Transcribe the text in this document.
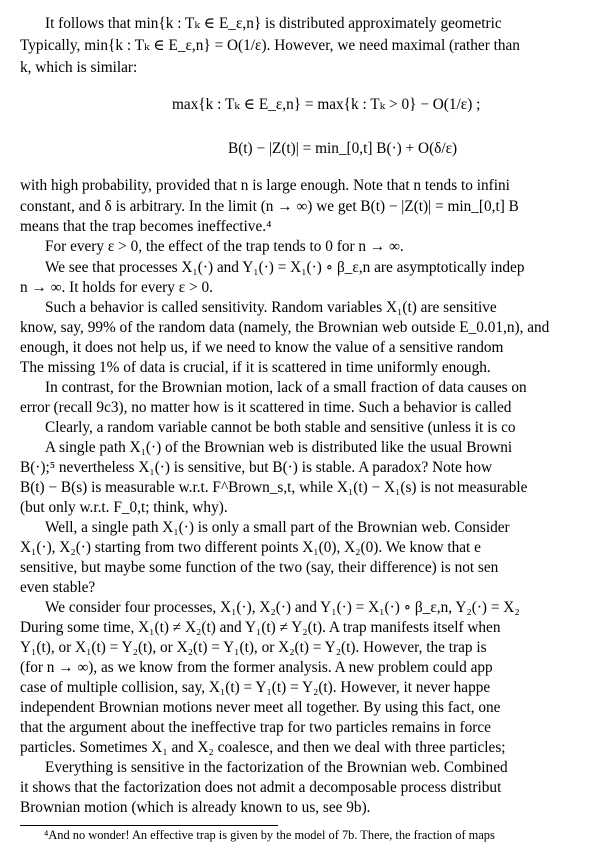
It follows that min{k : Tₖ ∈ E_ε,n} is distributed approximately geometric
Typically, min{k : Tₖ ∈ E_ε,n} = O(1/ε). However, we need maximal (rather than
k, which is similar:
max{k : Tₖ ∈ E_ε,n} = max{k : Tₖ > 0} − O(1/ε) ;
B(t) − |Z(t)| = min_[0,t] B(·) + O(δ/ε)
with high probability, provided that n is large enough. Note that n tends to infini
constant, and δ is arbitrary. In the limit (n → ∞) we get B(t) − |Z(t)| = min_[0,t] B
means that the trap becomes ineffective.⁴
For every ε > 0, the effect of the trap tends to 0 for n → ∞.
We see that processes X₁(·) and Y₁(·) = X₁(·) ∘ β_ε,n are asymptotically indep
n → ∞. It holds for every ε > 0.
Such a behavior is called sensitivity. Random variables X₁(t) are sensitive
know, say, 99% of the random data (namely, the Brownian web outside E_0.01,n), and
enough, it does not help us, if we need to know the value of a sensitive random
The missing 1% of data is crucial, if it is scattered in time uniformly enough.
In contrast, for the Brownian motion, lack of a small fraction of data causes on
error (recall 9c3), no matter how is it scattered in time. Such a behavior is called
Clearly, a random variable cannot be both stable and sensitive (unless it is co
A single path X₁(·) of the Brownian web is distributed like the usual Browni
B(·);⁵ nevertheless X₁(·) is sensitive, but B(·) is stable. A paradox? Note how
B(t) − B(s) is measurable w.r.t. F^Brown_s,t, while X₁(t) − X₁(s) is not measurable
(but only w.r.t. F_0,t; think, why).
Well, a single path X₁(·) is only a small part of the Brownian web. Consider
X₁(·), X₂(·) starting from two different points X₁(0), X₂(0). We know that e
sensitive, but maybe some function of the two (say, their difference) is not sen
even stable?
We consider four processes, X₁(·), X₂(·) and Y₁(·) = X₁(·) ∘ β_ε,n, Y₂(·) = X₂
During some time, X₁(t) ≠ X₂(t) and Y₁(t) ≠ Y₂(t). A trap manifests itself when
Y₁(t), or X₁(t) = Y₂(t), or X₂(t) = Y₁(t), or X₂(t) = Y₂(t). However, the trap is
(for n → ∞), as we know from the former analysis. A new problem could app
case of multiple collision, say, X₁(t) = Y₁(t) = Y₂(t). However, it never happe
independent Brownian motions never meet all together. By using this fact, one
that the argument about the ineffective trap for two particles remains in force
particles. Sometimes X₁ and X₂ coalesce, and then we deal with three particles;
Everything is sensitive in the factorization of the Brownian web. Combined
it shows that the factorization does not admit a decomposable process distribut
Brownian motion (which is already known to us, see 9b).
⁴And no wonder! An effective trap is given by the model of 7b. There, the fraction of maps
